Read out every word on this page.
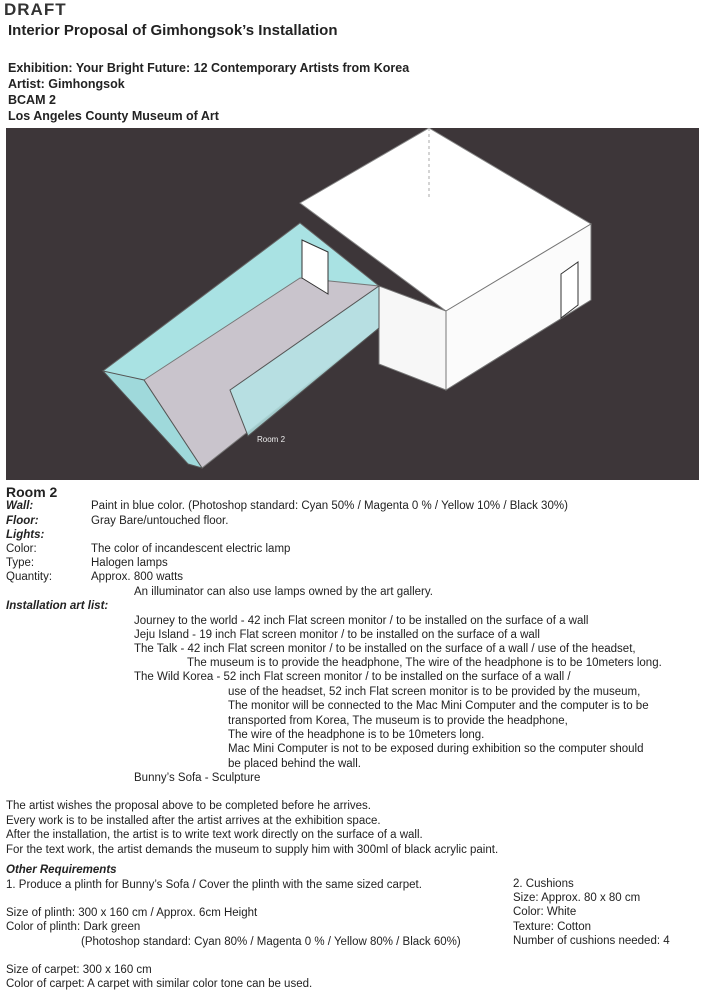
DRAFT
Interior Proposal of Gimhongsok’s Installation
Exhibition: Your Bright Future: 12 Contemporary Artists from Korea
Artist: Gimhongsok
BCAM 2
Los Angeles County Museum of Art
Room 2
Room 2
Wall:	Paint in blue color. (Photoshop standard: Cyan 50% / Magenta 0 % / Yellow 10% / Black 30%)
Floor:	Gray Bare/untouched floor.
Lights:
Color:	The color of incandescent electric lamp
Type:	Halogen lamps
Quantity:	Approx. 800 watts
An illuminator can also use lamps owned by the art gallery.
Installation art list:
Journey to the world - 42 inch Flat screen monitor / to be installed on the surface of a wall
Jeju Island - 19 inch Flat screen monitor / to be installed on the surface of a wall
The Talk - 42 inch Flat screen monitor / to be installed on the surface of a wall / use of the headset,
The museum is to provide the headphone, The wire of the headphone is to be 10meters long.
The Wild Korea - 52 inch Flat screen monitor / to be installed on the surface of a wall /
use of the headset, 52 inch Flat screen monitor is to be provided by the museum,
The monitor will be connected to the Mac Mini Computer and the computer is to be
transported from Korea, The museum is to provide the headphone,
The wire of the headphone is to be 10meters long.
Mac Mini Computer is not to be exposed during exhibition so the computer should
be placed behind the wall.
Bunny’s Sofa - Sculpture
The artist wishes the proposal above to be completed before he arrives.
Every work is to be installed after the artist arrives at the exhibition space.
After the installation, the artist is to write text work directly on the surface of a wall.
For the text work, the artist demands the museum to supply him with 300ml of black acrylic paint.
Other Requirements
1. Produce a plinth for Bunny’s Sofa / Cover the plinth with the same sized carpet.
Size of plinth: 300 x 160 cm / Approx. 6cm Height
Color of plinth: Dark green
(Photoshop standard: Cyan 80% / Magenta 0 % / Yellow 80% / Black 60%)
Size of carpet: 300 x 160 cm
Color of carpet: A carpet with similar color tone can be used.
2. Cushions
Size: Approx. 80 x 80 cm
Color: White
Texture: Cotton
Number of cushions needed: 4
